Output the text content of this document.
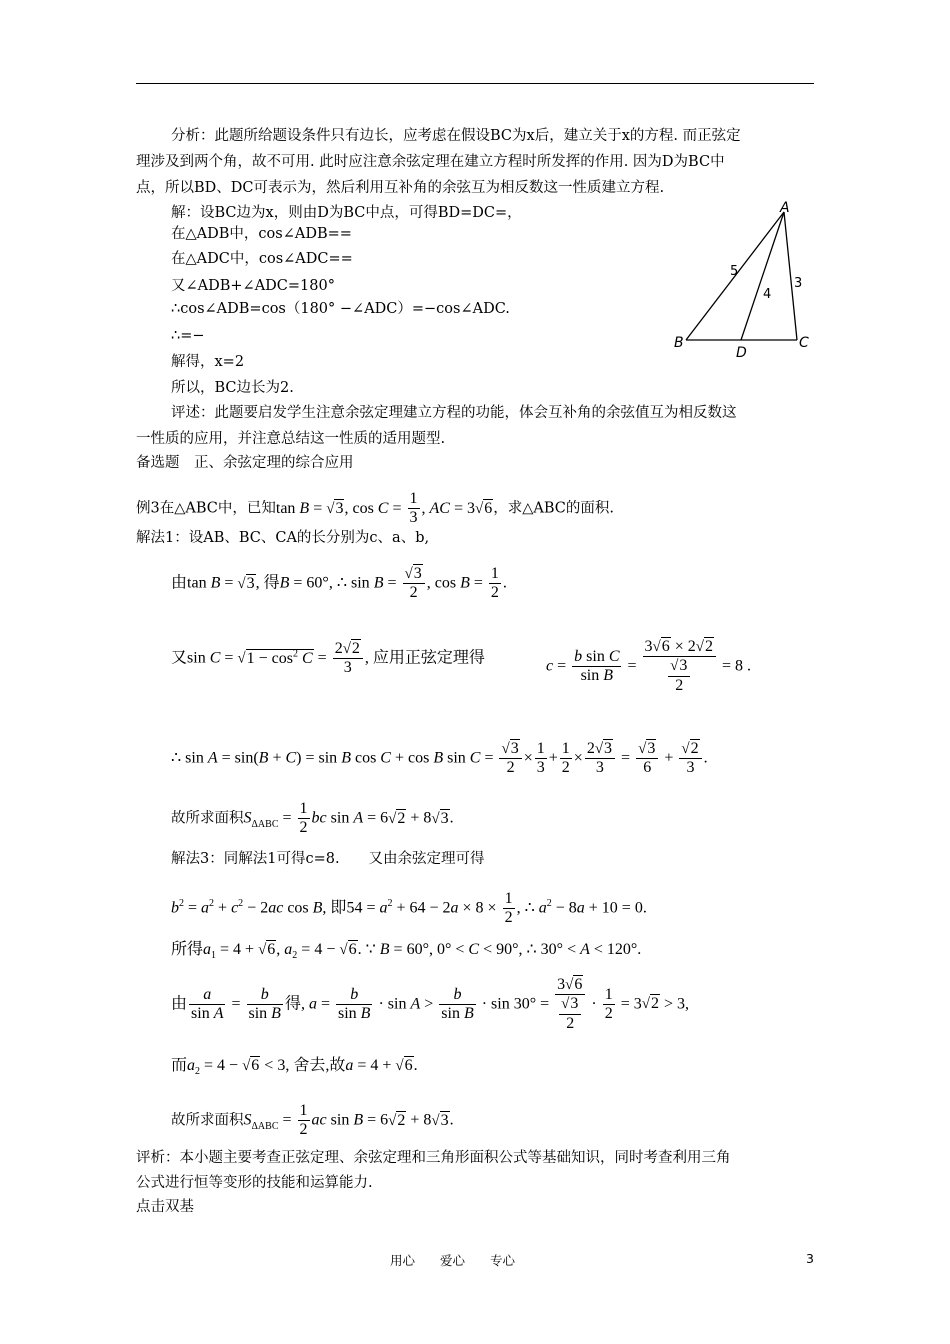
分析：此题所给题设条件只有边长，应考虑在假设BC为x后，建立关于x的方程. 而正弦定
理涉及到两个角，故不可用. 此时应注意余弦定理在建立方程时所发挥的作用. 因为D为BC中
点，所以BD、DC可表示为，然后利用互补角的余弦互为相反数这一性质建立方程.
解：设BC边为x，则由D为BC中点，可得BD=DC=，
在△ADB中，cos∠ADB==
在△ADC中，cos∠ADC==
又∠ADB+∠ADC=180°
∴cos∠ADB=cos（180° −∠ADC）=−cos∠ADC.
∴=−
解得，x=2
所以，BC边长为2.
A
B	C
D
5
4
3
评述：此题要启发学生注意余弦定理建立方程的功能，体会互补角的余弦值互为相反数这
一性质的应用，并注意总结这一性质的适用题型.
备选题　正、余弦定理的综合应用
例3在△ABC中，已知tan B = √3, $\cos C = \frac{1}{3}$ , AC = 3√6，求△ABC的面积.
解法1：设AB、BC、CA的长分别为c、a、b,
由tan B = √3, 得B = 60°, ∴ $\sin B = \frac{√3}{2}$ , $\cos B = \frac{1}{2}$ .
又$\sin C = √1 - \cos^2 C = \frac{2√2}{3}$ , 应用正弦定理得	$c = \frac{\text{b sin C}}{\text{sin B}} = \frac{3√6 \times 2√2}{\frac{√3}{2}} = 8$ .
∴ sin A = sin(B + C) = sin B cos C + cos B $\sin C = \frac{√3}{2} \times \frac{1}{3} + \frac{1}{2} \times \frac{2√3}{3} = \frac{√3}{6} + \frac{√2}{3}$ .
故所求面积$S_{\Delta ABC} = \frac{1}{2}$ bc sin A = 6√2 + 8√3.
解法3：同解法1可得c=8.　　又由余弦定理可得
$b^2 = a^2 + c^2 - 2ac$ cos B, 即$54 = a^2 + 64 - 2a \times 8 \times \frac{1}{2}$ , ∴ $a^2 - 8a + 10 = 0$.
所得$a_1 = 4 + √6$, $a_2 = 4 - √6$. ∵ B = 60°, 0° < C < 90°, ∴ 30° < A < 120°.
由 $\frac{a}{\text{sin A}} = \frac{b}{\text{sin B}}$ 得, $a = \frac{b}{\text{sin B}} \cdot \sin A > \frac{b}{\text{sin B}} \cdot \sin 30^\circ = \frac{3√6}{\frac{√3}{2}} \cdot \frac{1}{2} = 3√2 > 3$,
而$a_2 = 4 - √6 < 3$, 舍去,故a = 4 + √6.
故所求面积$S_{\Delta ABC} = \frac{1}{2}$ ac sin B = 6√2 + 8√3.
评析：本小题主要考查正弦定理、余弦定理和三角形面积公式等基础知识，同时考查利用三角
公式进行恒等变形的技能和运算能力.
点击双基
用心　　爱心　　专心	3
